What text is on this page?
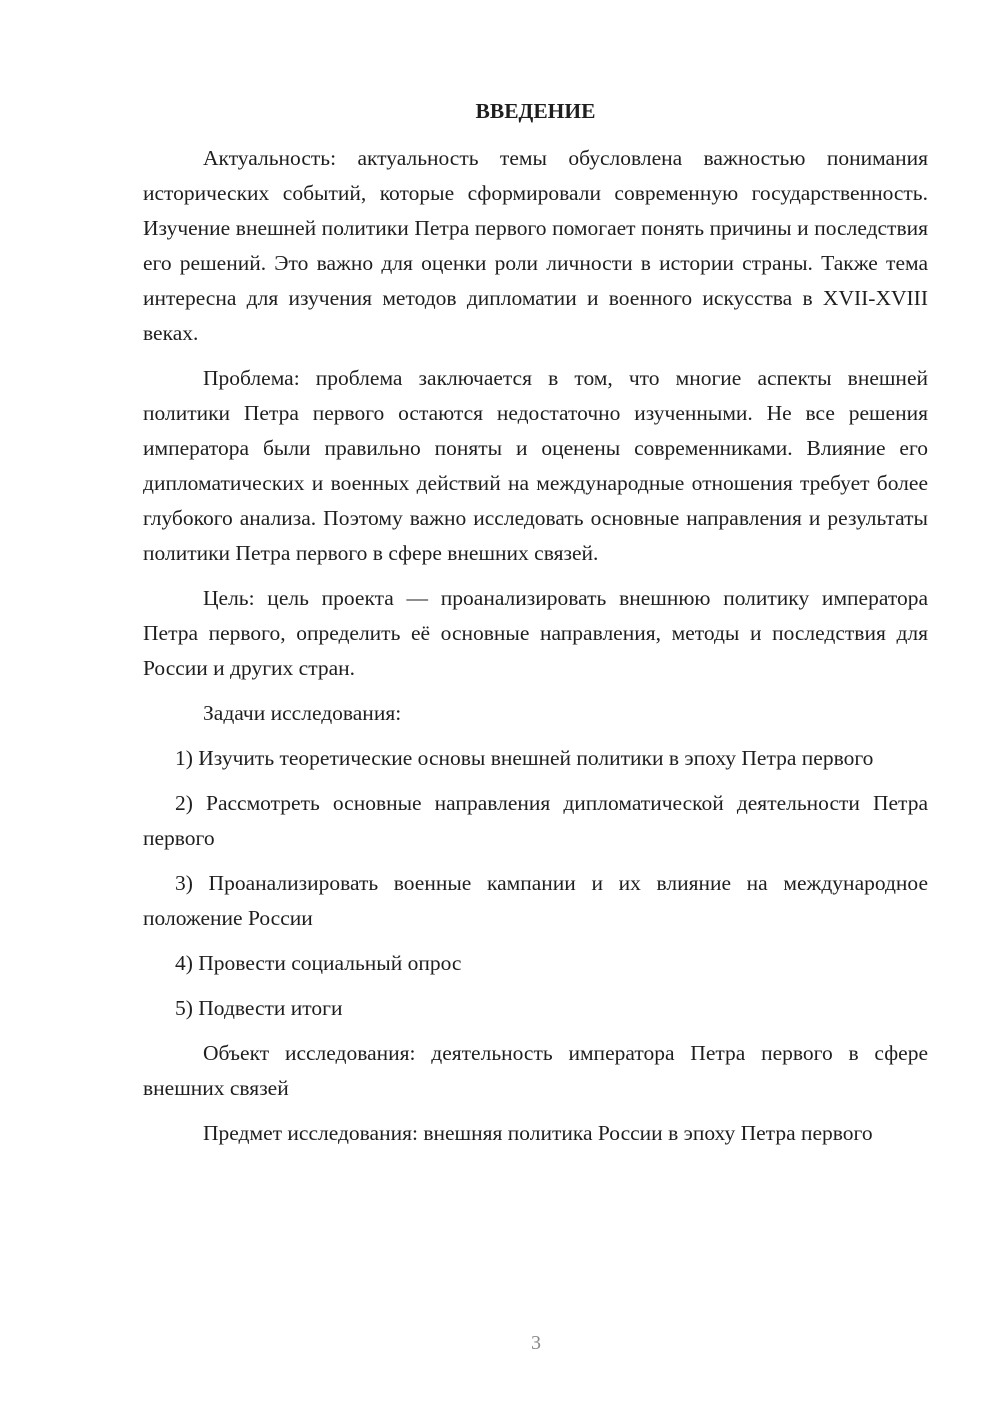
ВВЕДЕНИЕ

Актуальность: актуальность темы обусловлена важностью понимания исторических событий, которые сформировали современную государственность. Изучение внешней политики Петра первого помогает понять причины и последствия его решений. Это важно для оценки роли личности в истории страны. Также тема интересна для изучения методов дипломатии и военного искусства в XVII-XVIII веках.

Проблема: проблема заключается в том, что многие аспекты внешней политики Петра первого остаются недостаточно изученными. Не все решения императора были правильно поняты и оценены современниками. Влияние его дипломатических и военных действий на международные отношения требует более глубокого анализа. Поэтому важно исследовать основные направления и результаты политики Петра первого в сфере внешних связей.

Цель: цель проекта — проанализировать внешнюю политику императора Петра первого, определить её основные направления, методы и последствия для России и других стран.

Задачи исследования:

1) Изучить теоретические основы внешней политики в эпоху Петра первого

2) Рассмотреть основные направления дипломатической деятельности Петра первого

3) Проанализировать военные кампании и их влияние на международное положение России

4) Провести социальный опрос

5) Подвести итоги

Объект исследования: деятельность императора Петра первого в сфере внешних связей

Предмет исследования: внешняя политика России в эпоху Петра первого

3
